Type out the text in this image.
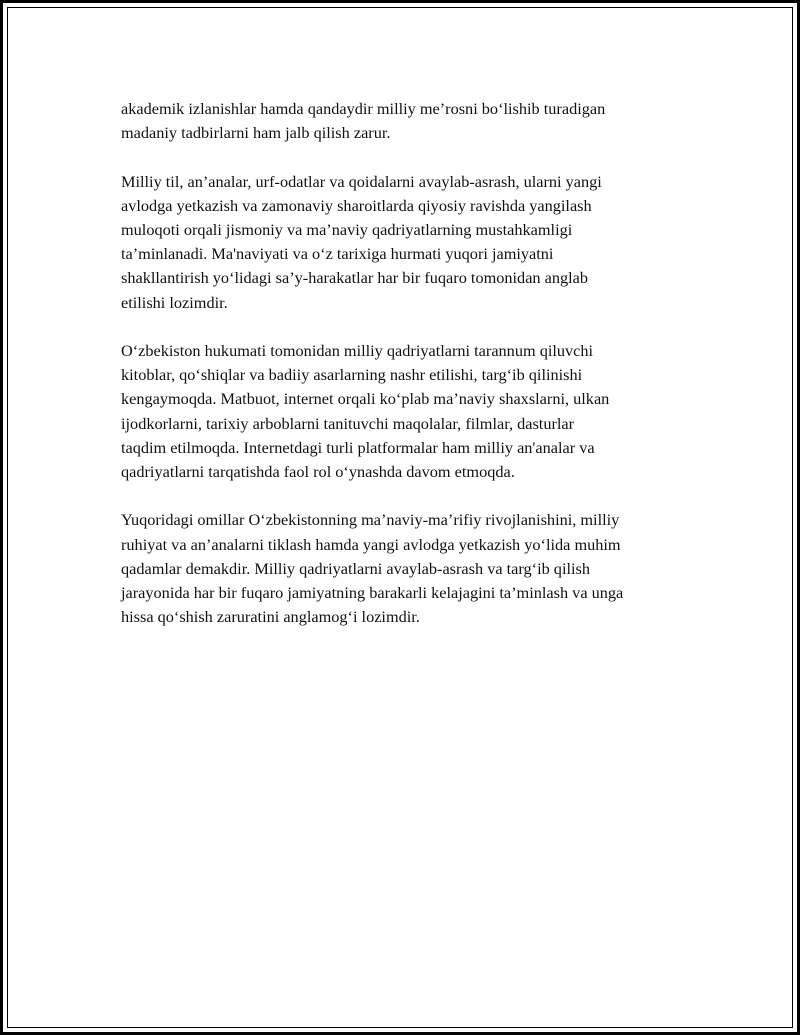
akademik izlanishlar hamda qandaydir milliy me’rosni bo‘lishib turadigan
madaniy tadbirlarni ham jalb qilish zarur.

Milliy til, an’analar, urf-odatlar va qoidalarni avaylab-asrash, ularni yangi
avlodga yetkazish va zamonaviy sharoitlarda qiyosiy ravishda yangilash
muloqoti orqali jismoniy va ma’naviy qadriyatlarning mustahkamligi
ta’minlanadi. Ma'naviyati va o‘z tarixiga hurmati yuqori jamiyatni
shakllantirish yo‘lidagi sa’y-harakatlar har bir fuqaro tomonidan anglab
etilishi lozimdir.

O‘zbekiston hukumati tomonidan milliy qadriyatlarni tarannum qiluvchi
kitoblar, qo‘shiqlar va badiiy asarlarning nashr etilishi, targ‘ib qilinishi
kengaymoqda. Matbuot, internet orqali ko‘plab ma’naviy shaxslarni, ulkan
ijodkorlarni, tarixiy arboblarni tanituvchi maqolalar, filmlar, dasturlar
taqdim etilmoqda. Internetdagi turli platformalar ham milliy an'analar va
qadriyatlarni tarqatishda faol rol o‘ynashda davom etmoqda.

Yuqoridagi omillar O‘zbekistonning ma’naviy-ma’rifiy rivojlanishini, milliy
ruhiyat va an’analarni tiklash hamda yangi avlodga yetkazish yo‘lida muhim
qadamlar demakdir. Milliy qadriyatlarni avaylab-asrash va targ‘ib qilish
jarayonida har bir fuqaro jamiyatning barakarli kelajagini ta’minlash va unga
hissa qo‘shish zaruratini anglamog‘i lozimdir.
